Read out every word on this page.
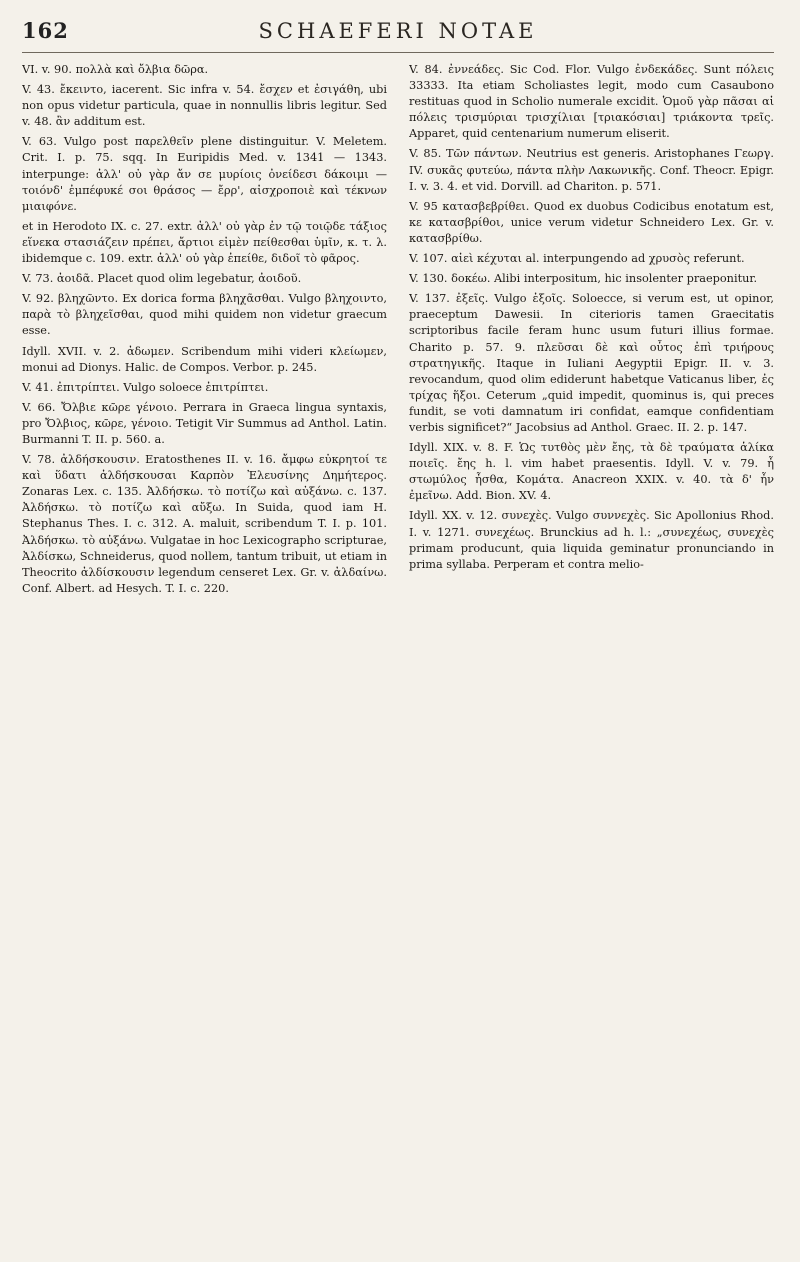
162	SCHAEFERI NOTAE

VI. v. 90. πολλὰ καὶ ὄλβια δῶρα.

V. 43. ἔκειντο, iacerent. Sic infra v. 54. ἔσχεν et ἐσιγάθη, ubi non opus videtur particula, quae in nonnullis libris legitur. Sed v. 48. ἂν additum est.

V. 63. Vulgo post παρελθεῖν plene distinguitur. V. Meletem. Crit. I. p. 75. sqq. In Euripidis Med. v. 1341 — 1343. interpunge: ἀλλ' οὐ γὰρ ἄν σε μυρίοις ὀνείδεσι δάκοιμι — τοιόνδ' ἐμπέφυκέ σοι θράσος — ἔρρ', αἰσχροποιὲ καὶ τέκνων μιαιφόνε.

et in Herodoto IX. c. 27. extr. ἀλλ' οὐ γὰρ ἐν τῷ τοιῷδε τάξιος εἵνεκα στασιάζειν πρέπει, ἄρτιοι εἰμὲν πείθεσθαι ὑμῖν, κ. τ. λ. ibidemque c. 109. extr. ἀλλ' οὐ γὰρ ἐπείθε, διδοῖ τὸ φᾶρος.

V. 73. ἀοιδᾶ. Placet quod olim legebatur, ἀοιδοῦ.

V. 92. βληχῶντο. Ex dorica forma βληχᾶσθαι. Vulgo βληχοιντο, παρὰ τὸ βληχεῖσθαι, quod mihi quidem non videtur graecum esse.

Idyll. XVII. v. 2. ἀδωμεν. Scribendum mihi videri κλείωμεν, monui ad Dionys. Halic. de Compos. Verbor. p. 245.

V. 41. ἐπιτρίπτει. Vulgo soloece ἐπιτρίπτει.

V. 66. Ὄλβιε κῶρε γένοιο. Perrara in Graeca lingua syntaxis, pro Ὄλβιος, κῶρε, γένοιο. Tetigit Vir Summus ad Anthol. Latin. Burmanni T. II. p. 560. a.

V. 78. ἀλδήσκουσιν. Eratosthenes II. v. 16. ἄμφω εὐκρητοί τε καὶ ὕδατι ἀλδήσκουσαι Καρπὸν Ἐλευσίνης Δημήτερος. Zonaras Lex. c. 135. Ἀλδήσκω. τὸ ποτίζω καὶ αὐξάνω. c. 137. Ἀλδήσκω. τὸ ποτίζω καὶ αὔξω. In Suida, quod iam H. Stephanus Thes. I. c. 312. A. maluit, scribendum T. I. p. 101. Ἀλδήσκω. τὸ αὐξάνω. Vulgatae in hoc Lexicographo scripturae, Ἀλδίσκω, Schneiderus, quod nollem, tantum tribuit, ut etiam in Theocrito ἀλδίσκουσιν legendum censeret Lex. Gr. v. ἀλδαίνω. Conf. Albert. ad Hesych. T. I. c. 220.

V. 84. ἐννεάδες. Sic Cod. Flor. Vulgo ἐνδεκάδες. Sunt πόλεις 33333. Ita etiam Scholiastes legit, modo cum Casaubono restituas quod in Scholio numerale excidit. Ὁμοῦ γὰρ πᾶσαι αἱ πόλεις τρισμύριαι τρισχίλιαι [τριακόσιαι] τριάκοντα τρεῖς. Apparet, quid centenarium numerum eliserit.

V. 85. Τῶν πάντων. Neutrius est generis. Aristophanes Γεωργ. IV. συκᾶς φυτεύω, πάντα πλὴν Λακωνικῆς. Conf. Theocr. Epigr. I. v. 3. 4. et vid. Dorvill. ad Chariton. p. 571.

V. 95 κατασβεβρίθει. Quod ex duobus Codicibus enotatum est, κε κατασβρίθοι, unice verum videtur Schneidero Lex. Gr. v. κατασβρίθω.

V. 107. αἰεὶ κέχυται al. interpungendo ad χρυσὸς referunt.

V. 130. δοκέω. Alibi interpositum, hic insolenter praeponitur.

V. 137. ἐξεῖς. Vulgo ἐξοῖς. Soloecce, si verum est, ut opinor, praeceptum Dawesii. In citerioris tamen Graecitatis scriptoribus facile feram hunc usum futuri illius formae. Charito p. 57. 9. πλεῦσαι δὲ καὶ οὗτος ἐπὶ τριήρους στρατηγικῆς. Itaque in Iuliani Aegyptii Epigr. II. v. 3. revocandum, quod olim ediderunt habetque Vaticanus liber, ἐς τρίχας ἥξοι. Ceterum „quid impedit, quominus is, qui preces fundit, se voti damnatum iri confidat, eamque confidentiam verbis significet?“ Jacobsius ad Anthol. Graec. II. 2. p. 147.

Idyll. XIX. v. 8. F. Ὡς τυτθὸς μὲν ἔης, τὰ δὲ τραύματα ἁλίκα ποιεῖς. ἔης h. l. vim habet praesentis. Idyll. V. v. 79. ἦ στωμύλος ἦσθα, Κομάτα. Anacreon XXIX. v. 40. τὰ δ' ἦν ἐμεῖνω. Add. Bion. XV. 4.

Idyll. XX. v. 12. συνεχὲς. Vulgo συννεχὲς. Sic Apollonius Rhod. I. v. 1271. συνεχέως. Brunckius ad h. l.: „συνεχέως, συνεχὲς primam producunt, quia liquida geminatur pronunciando in prima syllaba. Perperam et contra melio-
